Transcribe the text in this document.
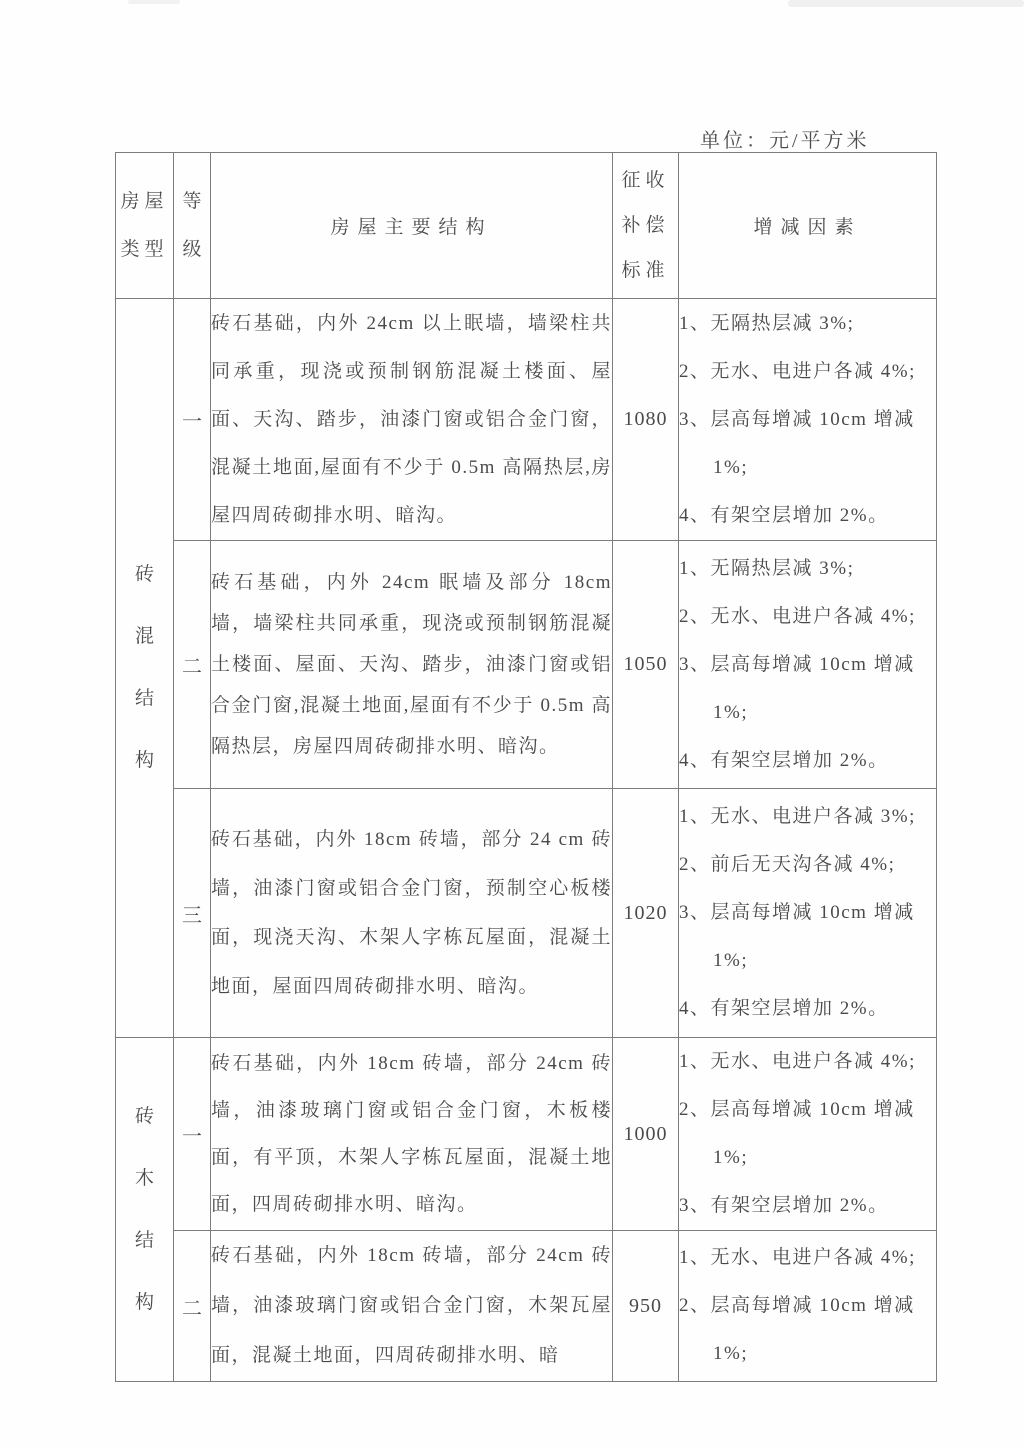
单位：元/平方米
房屋类型	等级	房屋主要结构	征收补偿标准	增减因素

砖混结构	一	砖石基础，内外 24cm 以上眠墙，墙梁柱共同承重，现浇或预制钢筋混凝土楼面、屋面、天沟、踏步，油漆门窗或铝合金门窗，混凝土地面,屋面有不少于 0.5m 高隔热层,房屋四周砖砌排水明、暗沟。	1080	1、无隔热层减 3%;
2、无水、电进户各减 4%;
3、层高每增减 10cm 增减 1%;
4、有架空层增加 2%。

	二	砖石基础，内外 24cm 眠墙及部分 18cm 墙，墙梁柱共同承重，现浇或预制钢筋混凝土楼面、屋面、天沟、踏步，油漆门窗或铝合金门窗,混凝土地面,屋面有不少于 0.5m 高隔热层，房屋四周砖砌排水明、暗沟。	1050	1、无隔热层减 3%;
2、无水、电进户各减 4%;
3、层高每增减 10cm 增减 1%;
4、有架空层增加 2%。

	三	砖石基础，内外 18cm 砖墙，部分 24 cm 砖墙，油漆门窗或铝合金门窗，预制空心板楼面，现浇天沟、木架人字栋瓦屋面，混凝土地面，屋面四周砖砌排水明、暗沟。	1020	1、无水、电进户各减 3%;
2、前后无天沟各减 4%;
3、层高每增减 10cm 增减 1%;
4、有架空层增加 2%。

砖木结构	一	砖石基础，内外 18cm 砖墙，部分 24cm 砖墙，油漆玻璃门窗或铝合金门窗，木板楼面，有平顶，木架人字栋瓦屋面，混凝土地面，四周砖砌排水明、暗沟。	1000	1、无水、电进户各减 4%;
2、层高每增减 10cm 增减 1%;
3、有架空层增加 2%。

	二	砖石基础，内外 18cm 砖墙，部分 24cm 砖墙，油漆玻璃门窗或铝合金门窗，木架瓦屋面，混凝土地面，四周砖砌排水明、暗	950	1、无水、电进户各减 4%;
2、层高每增减 10cm 增减 1%;
